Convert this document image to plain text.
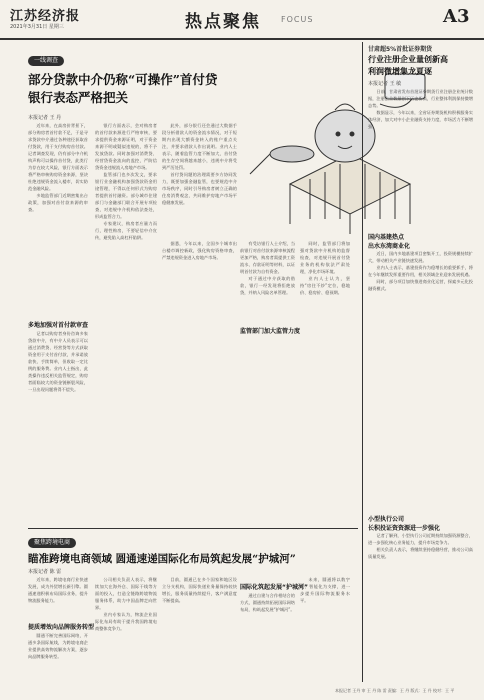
江苏经济报
2021年3月31日 星期三	热点聚焦	FOCUS	A3
一线调查
部分贷款中介仍称“可操作”首付贷
银行表态严格把关
本报记者 王 丹

近年来，在高房价背景下，部分购房者首付款不足，于是寻求贷款中介通过各种途径获取首付贷款，用于支付购房首付款。记者调查发现，仍有部分中介机构声称可以操作首付贷，此类行为存在较大风险，银行方面表示将严格审核购房资金来源，坚决杜绝违规资金流入楼市，切实防范金融风险。

多地监管部门近期密集出台政策，加强对首付款来源的审查。

多地加强对首付款审查

记者以购房者身份咨询多家贷款中介，有中介人员表示可以通过消费贷、经营贷等方式获取资金用于支付首付款，并承诺放款快、手续简单，但收取一定比例的服务费。业内人士指出，此类操作违反相关监管规定，购房者面临较大的资金链断裂风险，一旦出现问题将得不偿失。

银行方面表示，会对购房者的首付款来源进行严格审核，要求提供资金来源证明，对于资金来源不明或疑似违规的，将不予发放贷款。同时加强对消费贷、经营贷资金流向的监控，严防信贷资金违规流入房地产市场。

监管部门也多次发文，要求银行业金融机构加强贷款资金用途管理，不得以任何形式为购房者提供首付融资。部分城市住建部门与金融部门联合开展专项检查，对违规中介机构依法查处，形成监管合力。

专家建议，购房者应量力而行，理性购房，不要轻信中介宣传，避免陷入高杠杆陷阱。

此外，部分银行还会通过大数据手段分析借款人的资金流水情况，对于短期内出现大额资金转入的账户重点关注，并要求借款人作出说明。业内人士表示，随着监管力度不断加大，首付贷的生存空间将越来越小，违规中介将受到严厉处罚。

首付贷问题的治理需要多方协同发力，既要加强金融监管，也要规范中介市场秩序，同时引导购房者树立正确的住房消费观念，共同维护房地产市场平稳健康发展。

据悉，今年以来，全国多个城市出台楼市调控新政，强化购房资格审查，严禁违规资金进入房地产市场。

有受访银行人士介绍，当前银行对首付款来源审核流程更加严格，购房者需提供工资流水、存款证明等材料，以证明首付款为自有资金。

对于通过中介获取的借款，银行一经发现将拒绝放贷，并纳入风险名单管理。

监管部门加大监管力度

同时，监管部门将加强对贷款中介机构的监督检查，对违规开展首付贷业务的机构依法严肃处理，净化市场环境。

业内人士认为，坚持“房住不炒”定位，稳地价、稳房价、稳预期。

聚焦跨境电商
瞄准跨境电商领域 圆通速递国际化布局筑起发展“护城河”
本报记者 陈 雷

近年来，跨境电商行业快速发展，成为外贸增长新引擎。圆通速递积极布局国际业务，提升物流服务能力。

提质增效向品牌服务转型

圆通不断完善国际网络，开通多条国际航线，为跨境电商企业提供高效物流解决方案，逐步向品牌服务转型。

公司相关负责人表示，将继续加大在海外仓、国际干线等方面的投入，打造全链路跨境物流服务体系，助力中国品牌走向世界。

业内专家认为，物流企业国际化布局有助于提升我国跨境电商整体竞争力。

目前，圆通已在多个国家和地区设立分支机构，国际快递业务量保持较快增长，服务质量持续提升，客户满意度不断提高。

国际化筑起发展“护城河”

通过自建与合作相结合的方式，圆通持续拓展国际网络布局，构筑起发展“护城河”。

未来，圆通将以数字化、智能化为支撑，进一步提升国际物流服务水平。

甘肃超5%首批证券期货
行业注册企业量创新高
利润微增集龙夏逐
本报记者 王 敏

日前，甘肃省发布首批证券期货行业注册企业统计数据，注册企业数量创下历史新高，行业整体利润保持微增态势。

数据显示，今年以来，全省证券期货机构积极服务实体经济，加大对中小企业融资支持力度，市场活力不断增强。

国内基建热点
出水东湾商业化

近日，国内多地基建项目密集开工，投资规模持续扩大，带动相关产业链快速发展。

业内人士表示，基建投资作为稳增长的重要抓手，将在今年继续发挥重要作用，相关领域企业迎来发展机遇。

同时，部分项目加快推进商业化运营，探索多元化投融资模式。

小型执行公司
长积投证资资源进一步强化

记者了解到，小型执行公司近期持续加强资源整合，进一步强化核心业务能力，提升市场竞争力。

相关负责人表示，将继续坚持稳健经营，推动公司高质量发展。

本报记者 王丹 审 王 丹 陈 雷 责编：王 丹 版式：王 丹 校对：王 平
